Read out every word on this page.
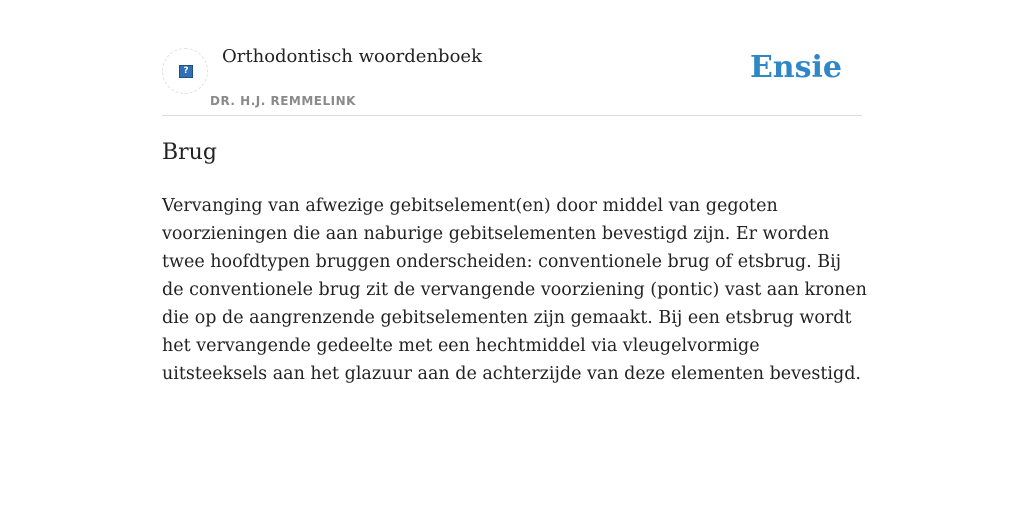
?
Orthodontisch woordenboek
DR. H.J. REMMELINK
Ensie
Brug

Vervanging van afwezige gebitselement(en) door middel van gegoten voorzieningen die aan naburige gebitselementen bevestigd zijn. Er worden twee hoofdtypen bruggen onderscheiden: conventionele brug of etsbrug. Bij de conventionele brug zit de vervangende voorziening (pontic) vast aan kronen die op de aangrenzende gebitselementen zijn gemaakt. Bij een etsbrug wordt het vervangende gedeelte met een hechtmiddel via vleugelvormige uitsteeksels aan het glazuur aan de achterzijde van deze elementen bevestigd.
